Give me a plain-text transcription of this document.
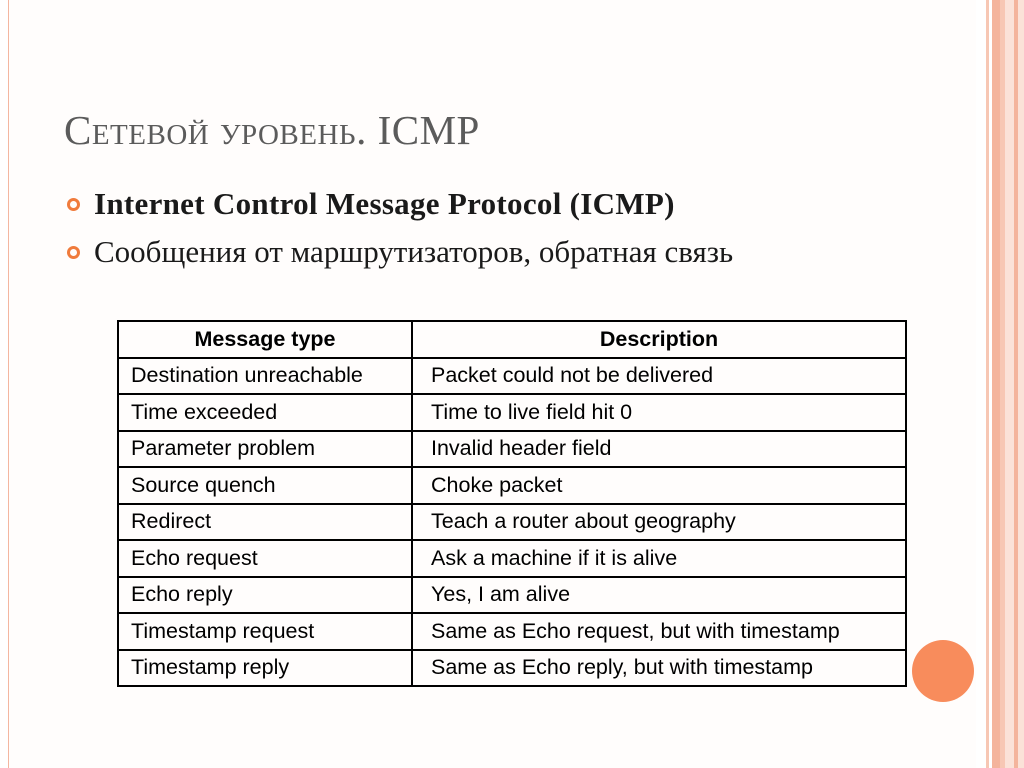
Сетевой уровень. ICMP
Internet Control Message Protocol (ICMP)
Сообщения от маршрутизаторов, обратная связь
Message type	Description
Destination unreachable	Packet could not be delivered
Time exceeded	Time to live field hit 0
Parameter problem	Invalid header field
Source quench	Choke packet
Redirect	Teach a router about geography
Echo request	Ask a machine if it is alive
Echo reply	Yes, I am alive
Timestamp request	Same as Echo request, but with timestamp
Timestamp reply	Same as Echo reply, but with timestamp
